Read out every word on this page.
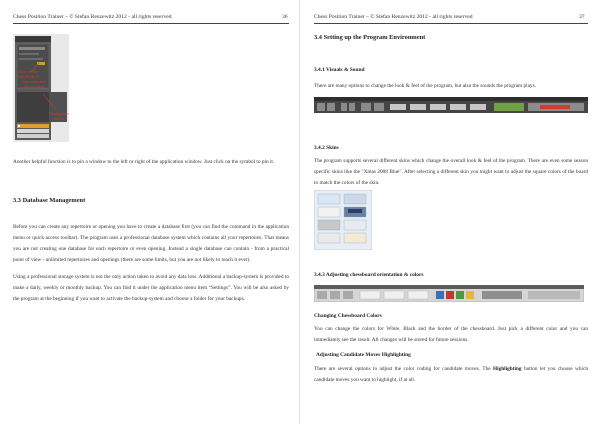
Chess Position Trainer – © Stefan Renzewitz 2012 - all rights reserved	36
Click on the icon to pin it
Last selected pin location
Navigation board
Another helpful function is to pin a window to the left or right of the application window. Just click on the symbol to pin it.
3.3 Database Management
Before you can create any repertoire or opening you have to create a database first (you can find the command in the application menu or quick access toolbar). The program uses a professional database system which contains all your repertoires. That means you are not creating one database for each repertoire or even opening. Instead a single database can contain - from a practical point of view - unlimited repertoires and openings (there are some limits, but you are not likely to reach it ever).
Using a professional storage system is not the only action taken to avoid any data loss. Additional a backup-system is provided to make a daily, weekly or monthly backup. You can find it under the application menu item “Settings”. You will be also asked by the program at the beginning if you want to activate the backup-system and choose a folder for your backups.
Chess Position Trainer – © Stefan Renzewitz 2012 - all rights reserved	37
3.4 Setting up the Program Environment
3.4.1 Visuals & Sound
There are many options to change the look & feel of the program, but also the sounds the program plays.
3.4.2 Skins
The program supports several different skins which change the overall look & feel of the program. There are even some season specific skins like the "Xmas 2008 Blue". After selecting a different skin you might want to adjust the square colors of the board to match the colors of the skin.
3.4.3 Adjusting chessboard orientation & colors
Changing Chessboard Colors
You can change the colors for White, Black and the border of the chessboard. Just pick a different color and you can immediately see the result. All changes will be stored for future sessions.
Adjusting Candidate Moves Highlighting
There are several options to adjust the color coding for candidate moves. The Highlighting button let you choose which candidate moves you want to highlight, if at all.
